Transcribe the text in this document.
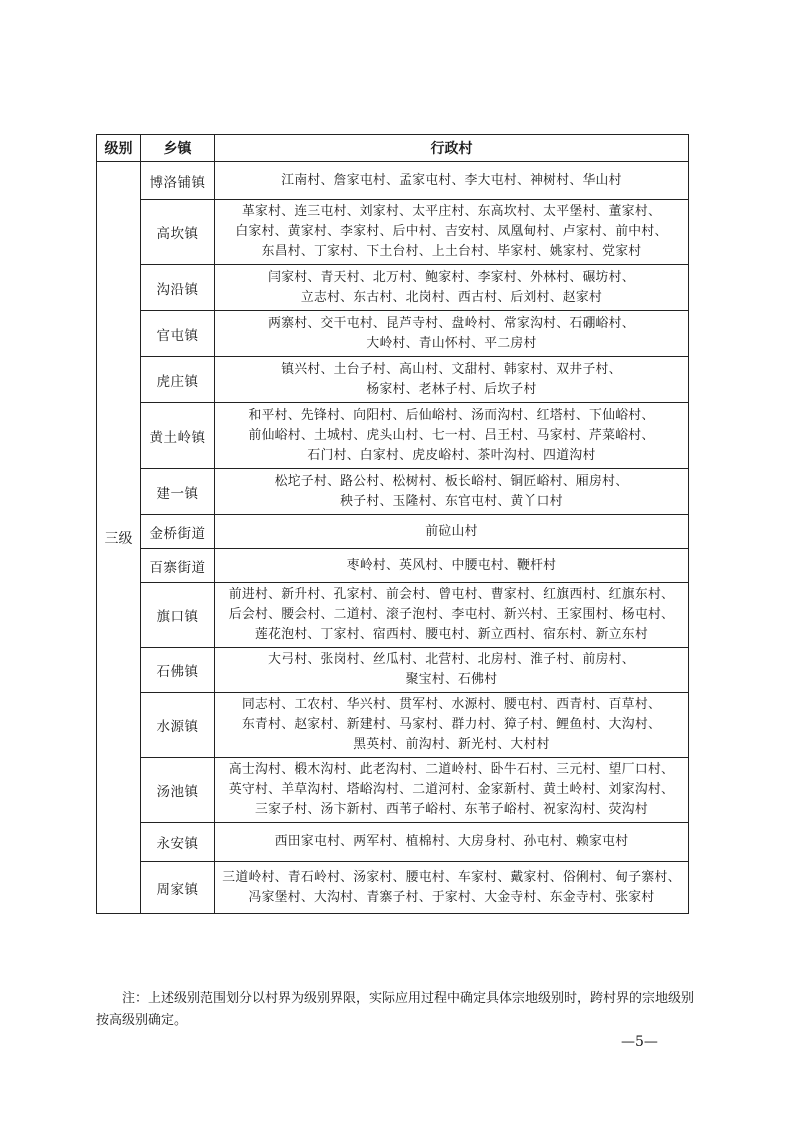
级别	乡镇	行政村
三级	博洛铺镇	江南村、詹家屯村、孟家屯村、李大屯村、神树村、华山村

	高坎镇	革家村、连三屯村、刘家村、太平庄村、东高坎村、太平堡村、董家村、
白家村、黄家村、李家村、后中村、吉安村、凤凰甸村、卢家村、前中村、
东昌村、丁家村、下土台村、上土台村、毕家村、姚家村、党家村

	沟沿镇	闫家村、青天村、北万村、鲍家村、李家村、外林村、碾坊村、
立志村、东古村、北岗村、西古村、后刘村、赵家村

	官屯镇	两寨村、交干屯村、昆芦寺村、盘岭村、常家沟村、石硼峪村、
大岭村、青山怀村、平二房村

	虎庄镇	镇兴村、土台子村、高山村、文甜村、韩家村、双井子村、
杨家村、老林子村、后坎子村

	黄土岭镇	和平村、先锋村、向阳村、后仙峪村、汤而沟村、红塔村、下仙峪村、
前仙峪村、土城村、虎头山村、七一村、吕王村、马家村、芹菜峪村、
石门村、白家村、虎皮峪村、茶叶沟村、四道沟村

	建一镇	松坨子村、路公村、松树村、板长峪村、铜匠峪村、厢房村、
秧子村、玉隆村、东官屯村、黄丫口村

	金桥街道	前砬山村

	百寨街道	枣岭村、英风村、中腰屯村、鞭杆村

	旗口镇	前进村、新升村、孔家村、前会村、曾屯村、曹家村、红旗西村、红旗东村、
后会村、腰会村、二道村、滚子泡村、李屯村、新兴村、王家围村、杨屯村、
莲花泡村、丁家村、宿西村、腰屯村、新立西村、宿东村、新立东村

	石佛镇	大弓村、张岗村、丝瓜村、北营村、北房村、淮子村、前房村、
聚宝村、石佛村

	水源镇	同志村、工农村、华兴村、贯军村、水源村、腰屯村、西青村、百草村、
东青村、赵家村、新建村、马家村、群力村、獐子村、鲤鱼村、大沟村、
黑英村、前沟村、新光村、大村村

	汤池镇	高士沟村、椴木沟村、此老沟村、二道岭村、卧牛石村、三元村、望厂口村、
英守村、羊草沟村、塔峪沟村、二道河村、金家新村、黄土岭村、刘家沟村、
三家子村、汤卞新村、西苇子峪村、东苇子峪村、祝家沟村、荧沟村

	永安镇	西田家屯村、两军村、植棉村、大房身村、孙屯村、赖家屯村

	周家镇	三道岭村、青石岭村、汤家村、腰屯村、车家村、戴家村、俗俐村、甸子寨村、
冯家堡村、大沟村、青寨子村、于家村、大金寺村、东金寺村、张家村
注：上述级别范围划分以村界为级别界限，实际应用过程中确定具体宗地级别时，跨村界的宗地级别按高级别确定。
—5—
